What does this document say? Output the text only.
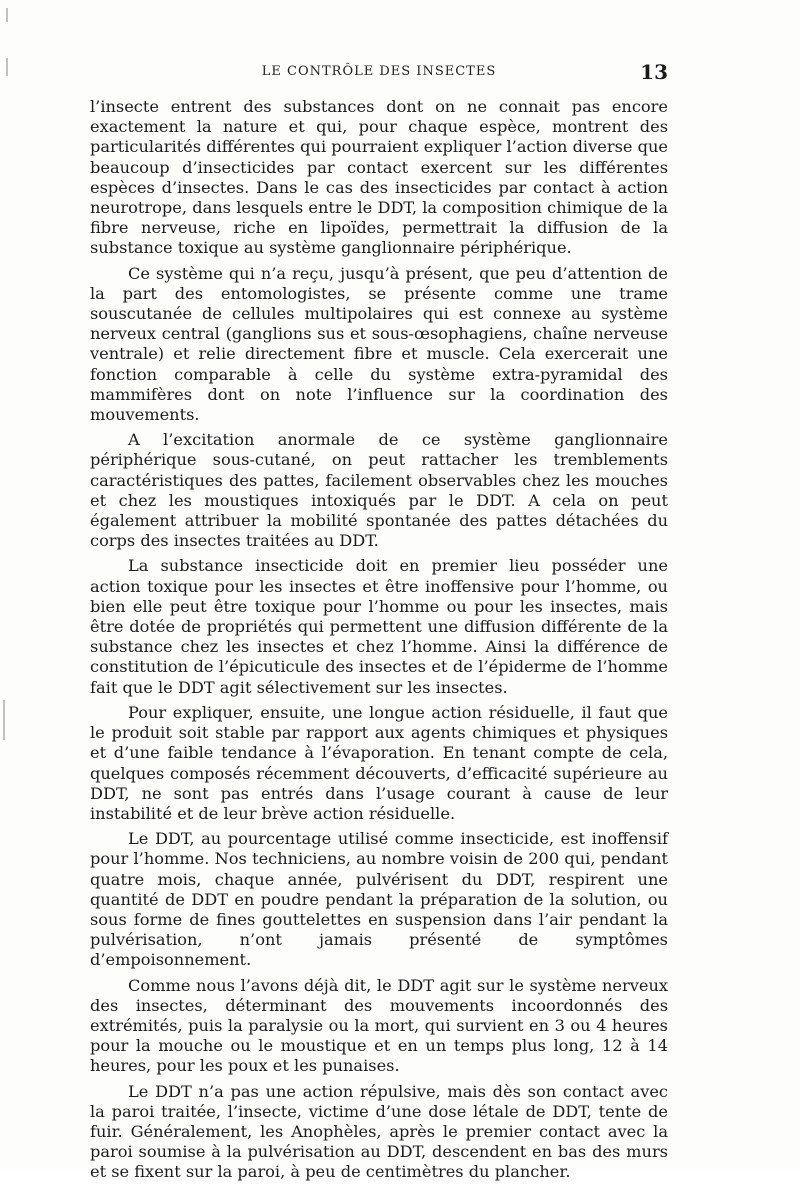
LE CONTRÔLE DES INSECTES	13

l’insecte entrent des substances dont on ne connait pas encore exactement la nature et qui, pour chaque espèce, montrent des particularités différentes qui pourraient expliquer l’action diverse que beaucoup d’insecticides par contact exercent sur les différentes espèces d’insectes. Dans le cas des insecticides par contact à action neurotrope, dans lesquels entre le DDT, la composition chimique de la fibre nerveuse, riche en lipoïdes, permettrait la diffusion de la substance toxique au système ganglionnaire périphérique.

Ce système qui n’a reçu, jusqu’à présent, que peu d’attention de la part des entomologistes, se présente comme une trame souscutanée de cellules multipolaires qui est connexe au système nerveux central (ganglions sus et sous-œsophagiens, chaîne nerveuse ventrale) et relie directement fibre et muscle. Cela exercerait une fonction comparable à celle du système extra-pyramidal des mammifères dont on note l’influence sur la coordination des mouvements.

A l’excitation anormale de ce système ganglionnaire périphérique sous-cutané, on peut rattacher les tremblements caractéristiques des pattes, facilement observables chez les mouches et chez les moustiques intoxiqués par le DDT. A cela on peut également attribuer la mobilité spontanée des pattes détachées du corps des insectes traitées au DDT.

La substance insecticide doit en premier lieu posséder une action toxique pour les insectes et être inoffensive pour l’homme, ou bien elle peut être toxique pour l’homme ou pour les insectes, mais être dotée de propriétés qui permettent une diffusion différente de la substance chez les insectes et chez l’homme. Ainsi la différence de constitution de l’épicuticule des insectes et de l’épiderme de l’homme fait que le DDT agit sélectivement sur les insectes.

Pour expliquer, ensuite, une longue action résiduelle, il faut que le produit soit stable par rapport aux agents chimiques et physiques et d’une faible tendance à l’évaporation. En tenant compte de cela, quelques composés récemment découverts, d’efficacité supérieure au DDT, ne sont pas entrés dans l’usage courant à cause de leur instabilité et de leur brève action résiduelle.

Le DDT, au pourcentage utilisé comme insecticide, est inoffensif pour l’homme. Nos techniciens, au nombre voisin de 200 qui, pendant quatre mois, chaque année, pulvérisent du DDT, respirent une quantité de DDT en poudre pendant la préparation de la solution, ou sous forme de fines gouttelettes en suspension dans l’air pendant la pulvérisation, n’ont jamais présenté de symptômes d’empoisonnement.

Comme nous l’avons déjà dit, le DDT agit sur le système nerveux des insectes, déterminant des mouvements incoordonnés des extrémités, puis la paralysie ou la mort, qui survient en 3 ou 4 heures pour la mouche ou le moustique et en un temps plus long, 12 à 14 heures, pour les poux et les punaises.

Le DDT n’a pas une action répulsive, mais dès son contact avec la paroi traitée, l’insecte, victime d’une dose létale de DDT, tente de fuir. Généralement, les Anophèles, après le premier contact avec la paroi soumise à la pulvérisation au DDT, descendent en bas des murs et se fixent sur la paroi, à peu de centimètres du plancher.
